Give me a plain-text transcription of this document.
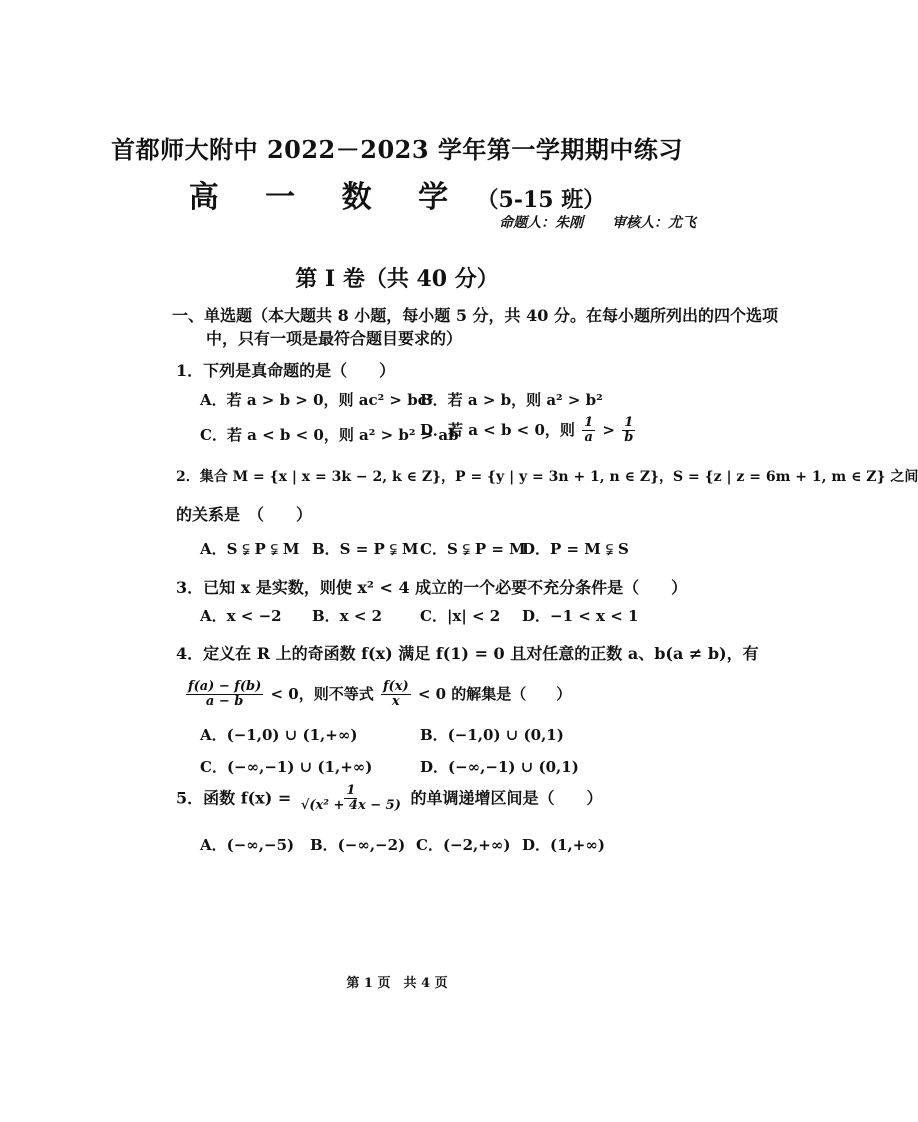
首都师大附中 2022－2023 学年第一学期期中练习
高 一 数 学 （5-15 班）
命题人：朱刚 审核人：尤飞
第 I 卷（共 40 分）
一、单选题（本大题共 8 小题，每小题 5 分，共 40 分。在每小题所列出的四个选项
中，只有一项是最符合题目要求的）
1．下列是真命题的是（　　）
A．若 a > b > 0，则 ac² > bc²
B．若 a > b，则 a² > b²
C．若 a < b < 0，则 a² > b² > ab
D．若 a < b < 0，则 $\frac{1}{a} > \frac{1}{b}$
2．集合 M = {x | x = 3k − 2, k ∈ Z}，P = {y | y = 3n + 1, n ∈ Z}，S = {z | z = 6m + 1, m ∈ Z} 之间
的关系是　（　　）
A．S ⫋ P ⫋ M B．S = P ⫋ M C．S ⫋ P = M
D．P = M ⫋ S
3．已知 x 是实数，则使 x² < 4 成立的一个必要不充分条件是（　　）
A．x < −2 B．x < 2	C．|x| < 2 D．−1 < x < 1
4．定义在 R 上的奇函数 f(x) 满足 f(1) = 0 且对任意的正数 a、b(a ≠ b)，有
$\frac{f(a) - f(b)}{a - b} < 0$，则不等式 $\frac{f(x)}{x} < 0$ 的解集是（　　）
A．(−1,0) ∪ (1,+∞)	B．(−1,0) ∪ (0,1)
C．(−∞,−1) ∪ (1,+∞)	D．(−∞,−1) ∪ (0,1)
5．函数 $f(x) = \frac{1}{\text{√(x² + 4x − 5)}}$ 的单调递增区间是（　　）
A．(−∞,−5) B．(−∞,−2) C．(−2,+∞) D．(1,+∞)
第 1 页　共 4 页
